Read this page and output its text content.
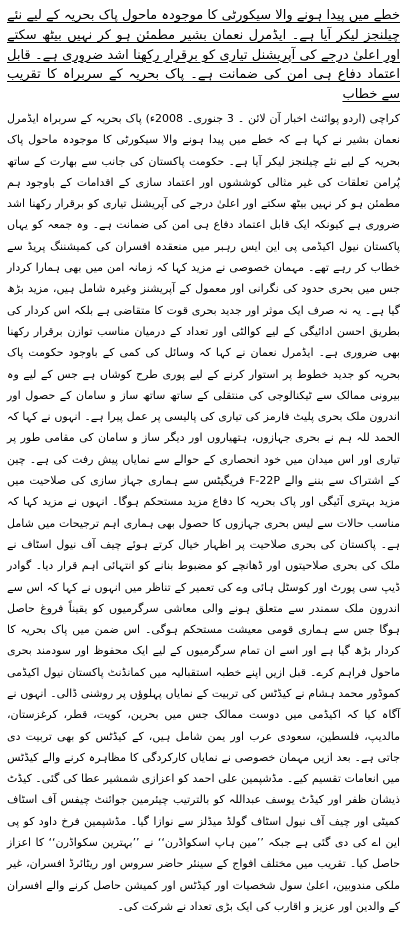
خطے میں پیدا ہونے والا سیکورٹی کا موجودہ ماحول پاک بحریہ کے لیے نئے چیلنجز لیکر آیا ہے۔ ایڈمرل نعمان بشیر مطمئن ہو کر نہیں بیٹھ سکتے اور اعلیٰ درجے کی آپریشنل تیاری کو برقرار رکھنا اشد ضروری ہے۔ قابل اعتماد دفاع ہی امن کی ضمانت ہے۔ پاک بحریہ کے سربراہ کا تقریب سے خطاب

کراچی (اردو پوائنٹ اخبار آن لائن ۔ 3 جنوری۔ 2008ء) پاک بحریہ کے سربراہ ایڈمرل نعمان بشیر نے کہا ہے کہ خطے میں پیدا ہونے والا سیکورٹی کا موجودہ ماحول پاک بحریہ کے لیے نئے چیلنجز لیکر آیا ہے۔ حکومت پاکستان کی جانب سے بھارت کے ساتھ پُرامن تعلقات کی غیر مثالی کوششوں اور اعتماد سازی کے اقدامات کے باوجود ہم مطمئن ہو کر نہیں بیٹھ سکتے اور اعلیٰ درجے کی آپریشنل تیاری کو برقرار رکھنا اشد ضروری ہے کیونکہ ایک قابل اعتماد دفاع ہی امن کی ضمانت ہے۔ وہ جمعہ کو یہاں پاکستان نیول اکیڈمی پی این ایس رہبر میں منعقدہ افسران کی کمیشننگ پریڈ سے خطاب کر رہے تھے۔ مہمان خصوصی نے مزید کہا کہ زمانہ امن میں بھی ہمارا کردار جس میں بحری حدود کی نگرانی اور معمول کے آپریشنز وغیرہ شامل ہیں، مزید بڑھ گیا ہے۔ یہ نہ صرف ایک موثر اور جدید بحری قوت کا متقاضی ہے بلکہ اس کردار کی بطریق احسن ادائیگی کے لیے کوالٹی اور تعداد کے درمیان مناسب توازن برقرار رکھنا بھی ضروری ہے۔ ایڈمرل نعمان نے کہا کہ وسائل کی کمی کے باوجود حکومت پاک بحریہ کو جدید خطوط پر استوار کرنے کے لیے پوری طرح کوشاں ہے جس کے لیے وہ بیرونی ممالک سے ٹیکنالوجی کی منتقلی کے ساتھ ساتھ ساز و سامان کے حصول اور اندرون ملک بحری پلیٹ فارمز کی تیاری کی پالیسی پر عمل پیرا ہے۔ انہوں نے کہا کہ الحمد للہ ہم نے بحری جہازوں، ہتھیاروں اور دیگر ساز و سامان کی مقامی طور پر تیاری اور اس میدان میں خود انحصاری کے حوالے سے نمایاں پیش رفت کی ہے۔ چین کے اشتراک سے بننے والے F-22P فریگیٹس سے ہماری جہاز سازی کی صلاحیت میں مزید بہتری آئیگی اور پاک بحریہ کا دفاع مزید مستحکم ہوگا۔ انہوں نے مزید کہا کہ مناسب حالات سے لیس بحری جہازوں کا حصول بھی ہماری اہم ترجیحات میں شامل ہے۔ پاکستان کی بحری صلاحیت پر اظہار خیال کرتے ہوئے چیف آف نیول اسٹاف نے ملک کی بحری صلاحیتوں اور ڈھانچے کو مضبوط بنانے کو انتہائی اہم قرار دیا۔ گوادر ڈیپ سی پورٹ اور کوسٹل ہائی وے کی تعمیر کے تناظر میں انہوں نے کہا کہ اس سے اندرون ملک سمندر سے متعلق ہونے والی معاشی سرگرمیوں کو یقیناً فروغ حاصل ہوگا جس سے ہماری قومی معیشت مستحکم ہوگی۔ اس ضمن میں پاک بحریہ کا کردار بڑھ گیا ہے اور اسے ان تمام سرگرمیوں کے لیے ایک محفوظ اور سودمند بحری ماحول فراہم کرے۔ قبل ازیں اپنے خطبہ استقبالیہ میں کمانڈنٹ پاکستان نیول اکیڈمی کموڈور محمد ہشام نے کیڈٹس کی تربیت کے نمایاں پہلوؤں پر روشنی ڈالی۔ انہوں نے آگاہ کیا کہ اکیڈمی میں دوست ممالک جس میں بحرین، کویت، قطر، کرغزستان، مالدیپ، فلسطین، سعودی عرب اور یمن شامل ہیں، کے کیڈٹس کو بھی تربیت دی جاتی ہے۔ بعد ازیں مہمان خصوصی نے نمایاں کارکردگی کا مظاہرہ کرنے والے کیڈٹس میں انعامات تقسیم کیے۔ مڈشپمین علی احمد کو اعزازی شمشیر عطا کی گئی۔ کیڈٹ ذیشان ظفر اور کیڈٹ یوسف عبداللہ کو بالترتیب چیئرمین جوائنٹ چیفس آف اسٹاف کمیٹی اور چیف آف نیول اسٹاف گولڈ میڈلز سے نوازا گیا۔ مڈشپمین فرخ داود کو پی این اے کی دی گئی ہے جبکہ ’’مین ہاپ اسکواڈرن‘‘ نے ’’بہترین سکواڈرن‘‘ کا اعزاز حاصل کیا۔ تقریب میں مختلف افواج کے سینئر حاضر سروس اور ریٹائرڈ افسران، غیر ملکی مندوبین، اعلیٰ سول شخصیات اور کیڈٹس اور کمیشن حاصل کرنے والے افسران کے والدین اور عزیز و اقارب کی ایک بڑی تعداد نے شرکت کی۔
